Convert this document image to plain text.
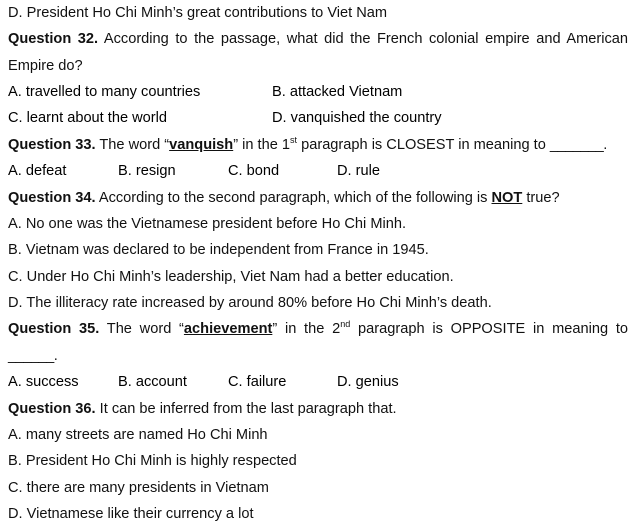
D. President Ho Chi Minh’s great contributions to Viet Nam
Question 32. According to the passage, what did the French colonial empire and American
Empire do?
A. travelled to many countries	B. attacked Vietnam
C. learnt about the world	D. vanquished the country
Question 33. The word “vanquish” in the 1st paragraph is CLOSEST in meaning to _______.
A. defeat	B. resign	C. bond	D. rule
Question 34. According to the second paragraph, which of the following is NOT true?
A. No one was the Vietnamese president before Ho Chi Minh.
B. Vietnam was declared to be independent from France in 1945.
C. Under Ho Chi Minh’s leadership, Viet Nam had a better education.
D. The illiteracy rate increased by around 80% before Ho Chi Minh’s death.
Question 35. The word “achievement” in the 2nd paragraph is OPPOSITE in meaning to
______.
A. success	B. account	C. failure	D. genius
Question 36. It can be inferred from the last paragraph that.
A. many streets are named Ho Chi Minh
B. President Ho Chi Minh is highly respected
C. there are many presidents in Vietnam
D. Vietnamese like their currency a lot
